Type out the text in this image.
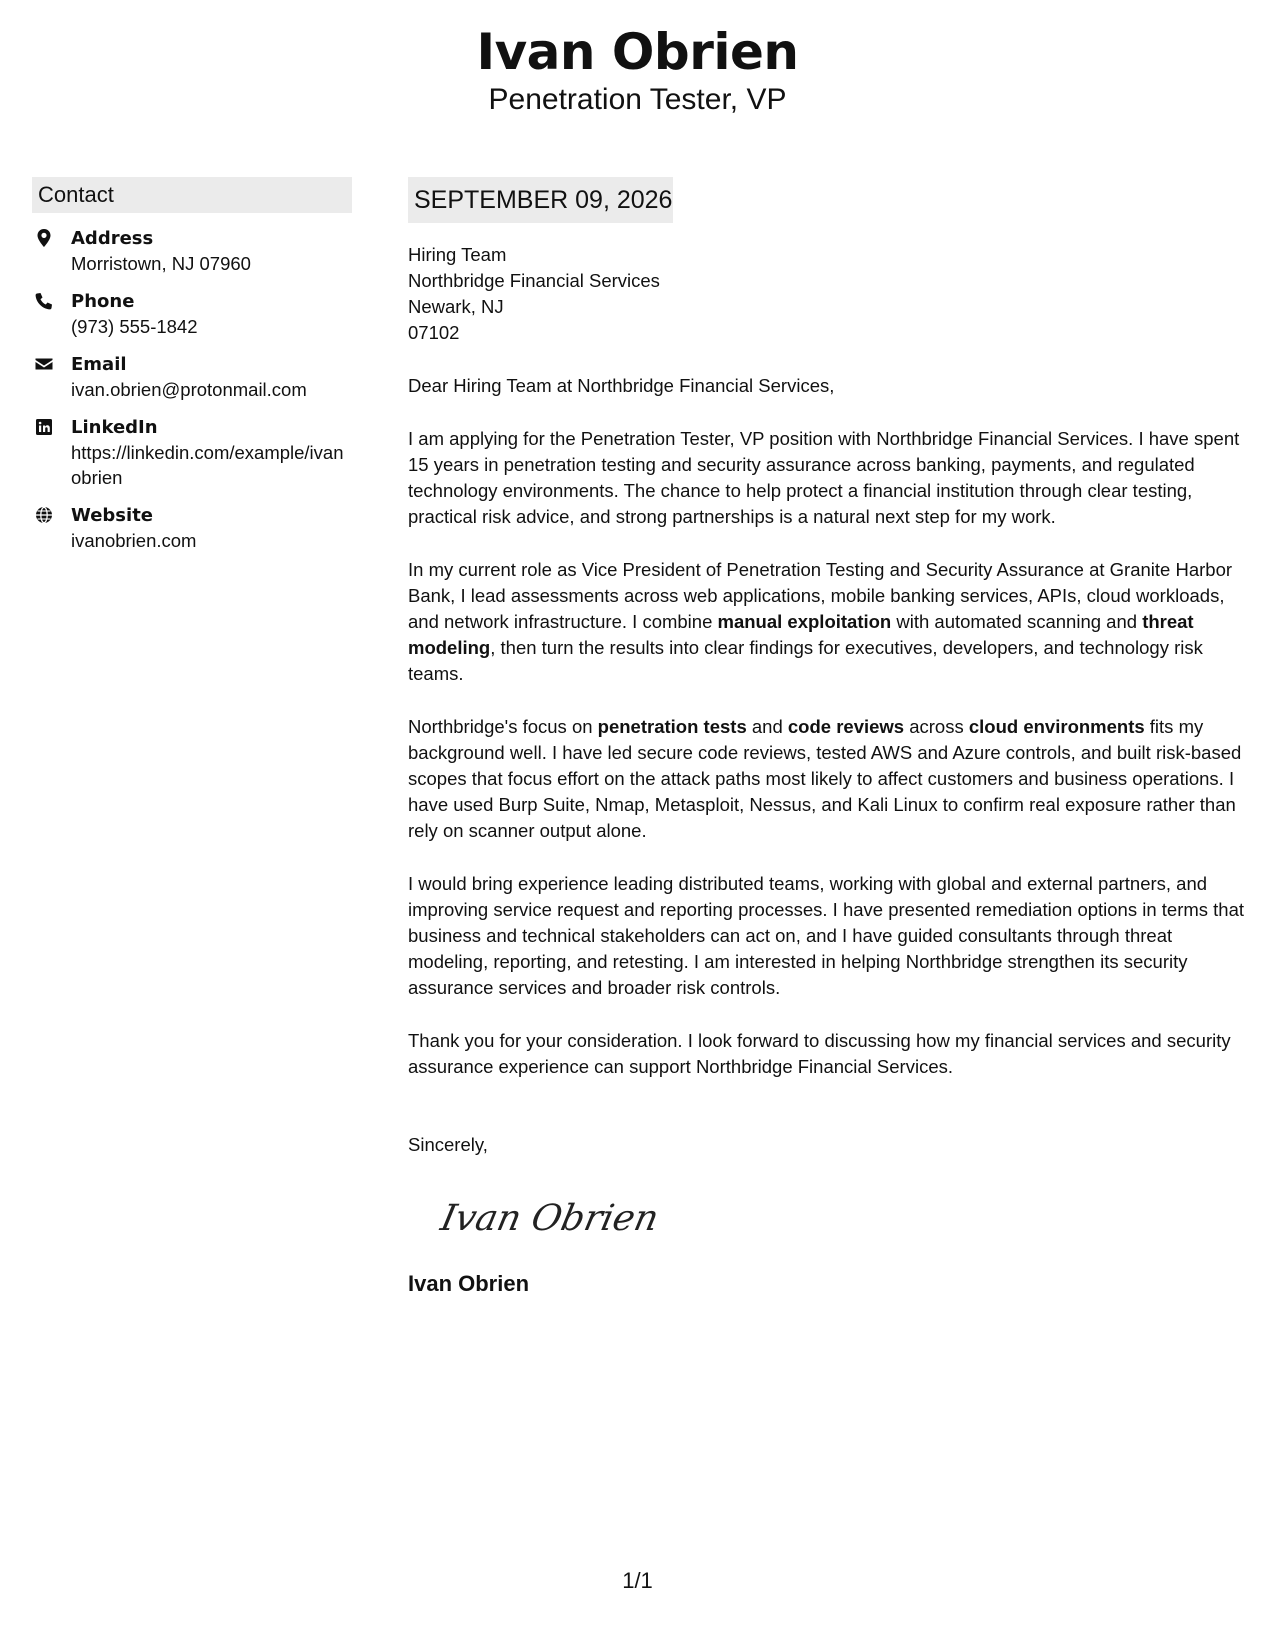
Ivan Obrien
Penetration Tester, VP
Contact
Address
Morristown, NJ 07960
Phone
(973) 555-1842
Email
ivan.obrien@protonmail.com
LinkedIn
https://linkedin.com/example/ivanobrien
Website
ivanobrien.com
SEPTEMBER 09, 2026
Hiring Team
Northbridge Financial Services
Newark, NJ
07102
Dear Hiring Team at Northbridge Financial Services,

I am applying for the Penetration Tester, VP position with Northbridge Financial Services. I have spent 15 years in penetration testing and security assurance across banking, payments, and regulated technology environments. The chance to help protect a financial institution through clear testing, practical risk advice, and strong partnerships is a natural next step for my work.

In my current role as Vice President of Penetration Testing and Security Assurance at Granite Harbor Bank, I lead assessments across web applications, mobile banking services, APIs, cloud workloads, and network infrastructure. I combine manual exploitation with automated scanning and threat modeling, then turn the results into clear findings for executives, developers, and technology risk teams.

Northbridge's focus on penetration tests and code reviews across cloud environments fits my background well. I have led secure code reviews, tested AWS and Azure controls, and built risk-based scopes that focus effort on the attack paths most likely to affect customers and business operations. I have used Burp Suite, Nmap, Metasploit, Nessus, and Kali Linux to confirm real exposure rather than rely on scanner output alone.

I would bring experience leading distributed teams, working with global and external partners, and improving service request and reporting processes. I have presented remediation options in terms that business and technical stakeholders can act on, and I have guided consultants through threat modeling, reporting, and retesting. I am interested in helping Northbridge strengthen its security assurance services and broader risk controls.

Thank you for your consideration. I look forward to discussing how my financial services and security assurance experience can support Northbridge Financial Services.

Sincerely,
Ivan Obrien
Ivan Obrien
1/1
